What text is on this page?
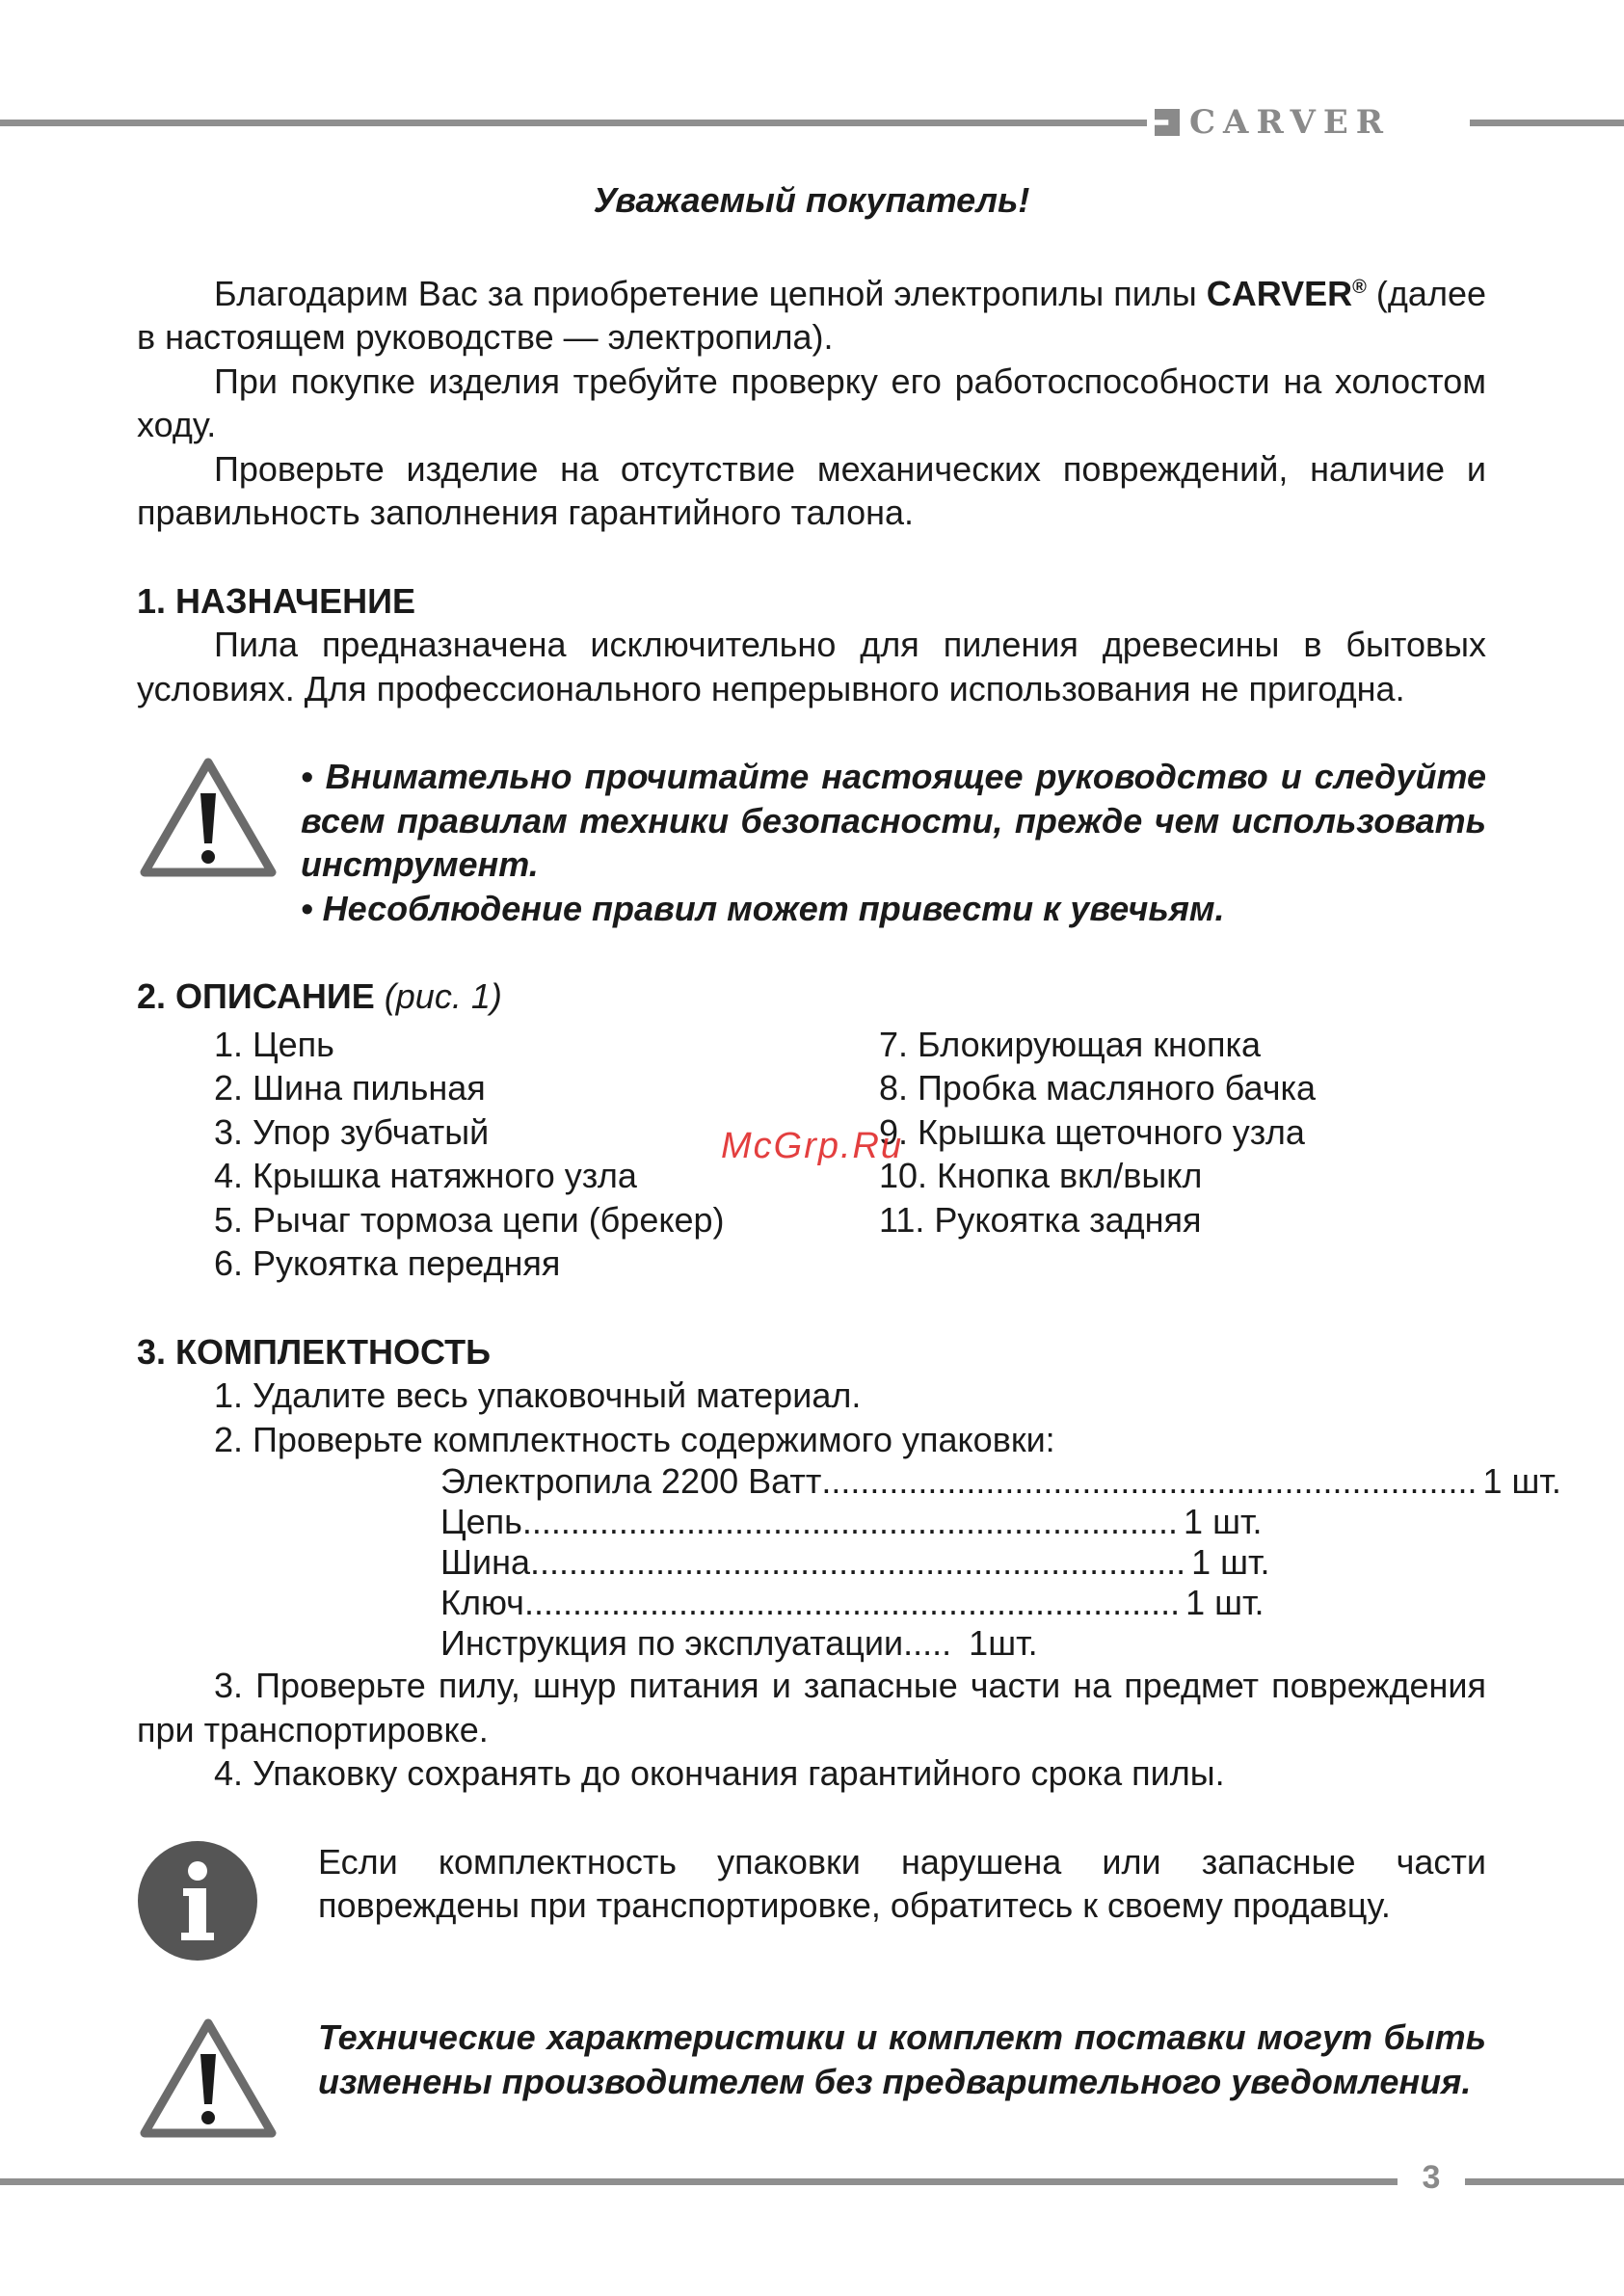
CARVER

Уважаемый покупатель!

Благодарим Вас за приобретение цепной электропилы пилы CARVER® (далее в настоящем руководстве — электропила).

При покупке изделия требуйте проверку его работоспособности на холостом ходу.

Проверьте изделие на отсутствие механических повреждений, наличие и правильность заполнения гарантийного талона.

1. НАЗНАЧЕНИЕ

Пила предназначена исключительно для пиления древесины в бытовых условиях. Для профессионального непрерывного использования не пригодна.

• Внимательно прочитайте настоящее руководство и следуйте всем правилам техники безопасности, прежде чем использовать инструмент.

• Несоблюдение правил может привести к увечьям.

2. ОПИСАНИЕ (рис. 1)

1. Цепь
2. Шина пильная
3. Упор зубчатый
4. Крышка натяжного узла
5. Рычаг тормоза цепи (брекер)
6. Рукоятка передняя
7. Блокирующая кнопка
8. Пробка масляного бачка
9. Крышка щеточного узла
10. Кнопка вкл/выкл
11. Рукоятка задняя

3. КОМПЛЕКТНОСТЬ

1. Удалите весь упаковочный материал.

2. Проверьте комплектность содержимого упаковки:

Электропила 2200 Ватт .................................................................... 1 шт.
Цепь .................................................................... 1 шт.
Шина .................................................................... 1 шт.
Ключ .................................................................... 1 шт.
Инструкция по эксплуатации ..... 1шт.

3. Проверьте пилу, шнур питания и запасные части на предмет повреждения при транспортировке.

4. Упаковку сохранять до окончания гарантийного срока пилы.

Если комплектность упаковки нарушена или запасные части повреждены при транспортировке, обратитесь к своему продавцу.

Технические характеристики и комплект поставки могут быть изменены производителем без предварительного уведомления.

McGrp.Ru
3
